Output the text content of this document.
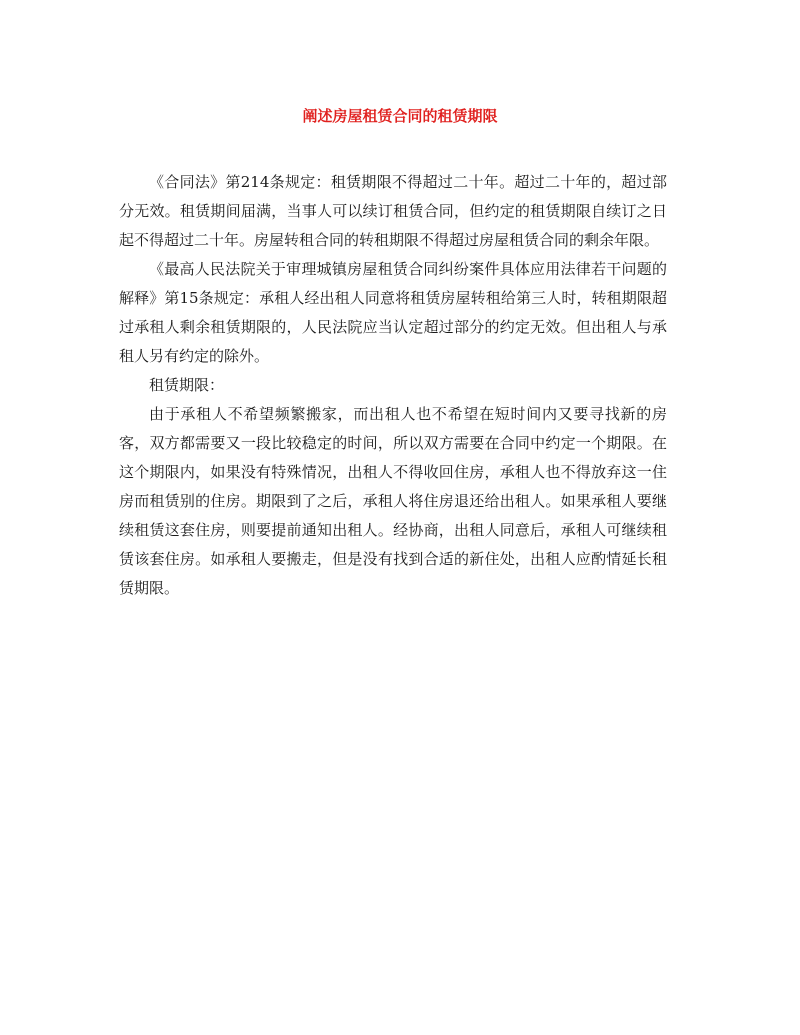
阐述房屋租赁合同的租赁期限

《合同法》第214条规定：租赁期限不得超过二十年。超过二十年的，超过部分无效。租赁期间届满，当事人可以续订租赁合同，但约定的租赁期限自续订之日起不得超过二十年。房屋转租合同的转租期限不得超过房屋租赁合同的剩余年限。

《最高人民法院关于审理城镇房屋租赁合同纠纷案件具体应用法律若干问题的解释》第15条规定：承租人经出租人同意将租赁房屋转租给第三人时，转租期限超过承租人剩余租赁期限的，人民法院应当认定超过部分的约定无效。但出租人与承租人另有约定的除外。

租赁期限：

由于承租人不希望频繁搬家，而出租人也不希望在短时间内又要寻找新的房客，双方都需要又一段比较稳定的时间，所以双方需要在合同中约定一个期限。在这个期限内，如果没有特殊情况，出租人不得收回住房，承租人也不得放弃这一住房而租赁别的住房。期限到了之后，承租人将住房退还给出租人。如果承租人要继续租赁这套住房，则要提前通知出租人。经协商，出租人同意后，承租人可继续租赁该套住房。如承租人要搬走，但是没有找到合适的新住处，出租人应酌情延长租赁期限。
